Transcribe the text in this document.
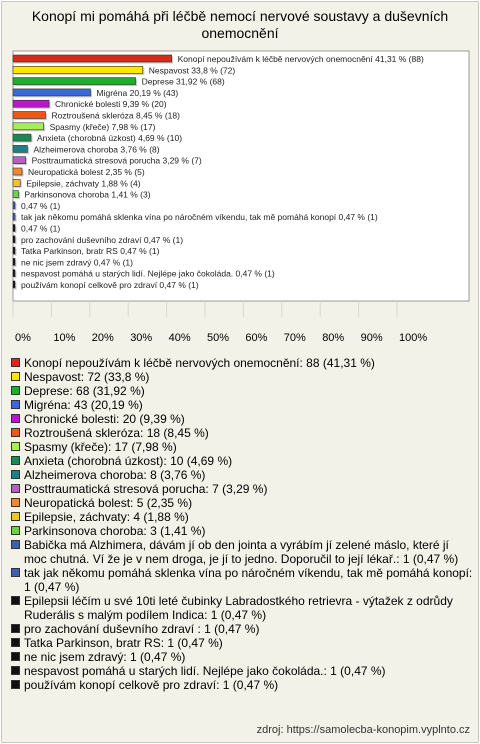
Konopí mi pomáhá při léčbě nemocí nervové soustavy a duševních onemocnění
0% 10% 20% 30% 40% 50% 60% 70% 80% 90% 100%
Konopí nepoužívám k léčbě nervových onemocnění 41,31 % (88)
Nespavost 33,8 % (72)
Deprese 31,92 % (68)
Migréna 20,19 % (43)
Chronické bolesti 9,39 % (20)
Roztroušená skleróza 8,45 % (18)
Spasmy (křeče) 7,98 % (17)
Anxieta (chorobná úzkost) 4,69 % (10)
Alzheimerova choroba 3,76 % (8)
Posttraumatická stresová porucha 3,29 % (7)
Neuropatická bolest 2,35 % (5)
Epilepsie, záchvaty 1,88 % (4)
Parkinsonova choroba 1,41 % (3)
0,47 % (1)
tak jak někomu pomáhá sklenka vína po náročném víkendu, tak mě pomáhá konopí 0,47 % (1)
0,47 % (1)
pro zachování duševního zdraví 0,47 % (1)
Tatka Parkinson, bratr RS 0,47 % (1)
ne nic jsem zdravý 0,47 % (1)
nespavost pomáhá u starých lidí. Nejlépe jako čokoláda. 0,47 % (1)
používám konopí celkově pro zdraví 0,47 % (1)
Konopí nepoužívám k léčbě nervových onemocnění: 88 (41,31 %)
Nespavost: 72 (33,8 %)
Deprese: 68 (31,92 %)
Migréna: 43 (20,19 %)
Chronické bolesti: 20 (9,39 %)
Roztroušená skleróza: 18 (8,45 %)
Spasmy (křeče): 17 (7,98 %)
Anxieta (chorobná úzkost): 10 (4,69 %)
Alzheimerova choroba: 8 (3,76 %)
Posttraumatická stresová porucha: 7 (3,29 %)
Neuropatická bolest: 5 (2,35 %)
Epilepsie, záchvaty: 4 (1,88 %)
Parkinsonova choroba: 3 (1,41 %)
Babička má Alzhimera, dávám jí ob den jointa a vyrábím jí zelené máslo, které jí moc chutná. Ví že je v nem droga, je jí to jedno. Doporučil to její lékař.: 1 (0,47 %)
tak jak někomu pomáhá sklenka vína po náročném víkendu, tak mě pomáhá konopí: 1 (0,47 %)
Epilepsii léčím u své 10ti leté čubinky Labradostkého retrievra - výtažek z odrůdy Ruderális s malým podílem Indica: 1 (0,47 %)
pro zachování duševního zdraví : 1 (0,47 %)
Tatka Parkinson, bratr RS: 1 (0,47 %)
ne nic jsem zdravý: 1 (0,47 %)
nespavost pomáhá u starých lidí. Nejlépe jako čokoláda.: 1 (0,47 %)
používám konopí celkově pro zdraví: 1 (0,47 %)
zdroj: https://samolecba-konopim.vyplnto.cz
